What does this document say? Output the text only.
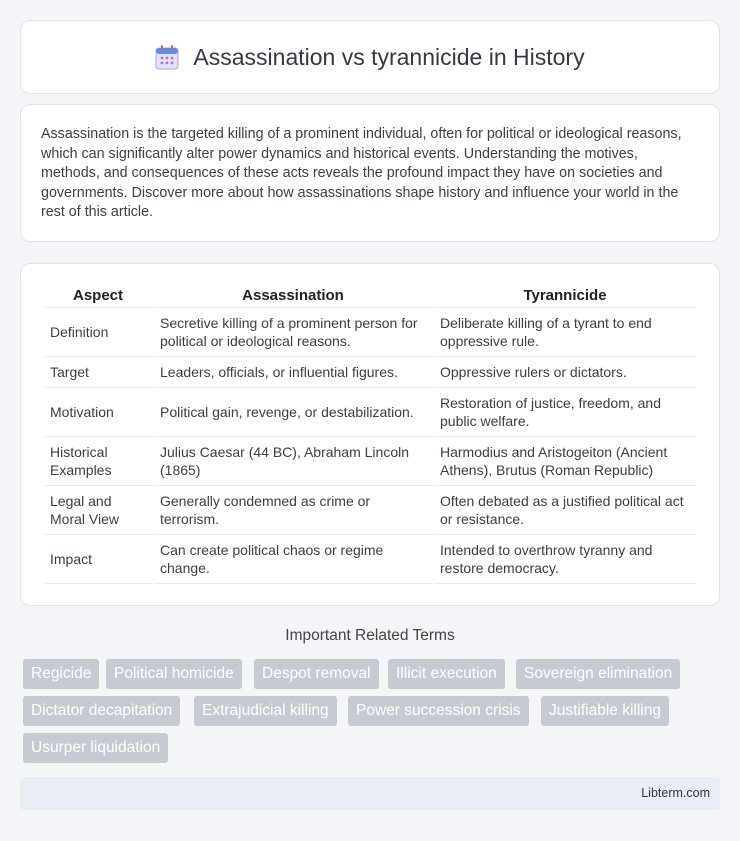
Assassination vs tyrannicide in History

Assassination is the targeted killing of a prominent individual, often for political or ideological reasons, which can significantly alter power dynamics and historical events. Understanding the motives, methods, and consequences of these acts reveals the profound impact they have on societies and governments. Discover more about how assassinations shape history and influence your world in the rest of this article.

Aspect	Assassination	Tyrannicide
Definition	Secretive killing of a prominent person for political or ideological reasons.	Deliberate killing of a tyrant to end oppressive rule.
Target	Leaders, officials, or influential figures.	Oppressive rulers or dictators.
Motivation	Political gain, revenge, or destabilization.	Restoration of justice, freedom, and public welfare.
Historical Examples	Julius Caesar (44 BC), Abraham Lincoln (1865)	Harmodius and Aristogeiton (Ancient Athens), Brutus (Roman Republic)
Legal and Moral View	Generally condemned as crime or terrorism.	Often debated as a justified political act or resistance.
Impact	Can create political chaos or regime change.	Intended to overthrow tyranny and restore democracy.
Important Related Terms
Regicide	Political homicide	Despot removal	Illicit execution	Sovereign elimination
Dictator decapitation	Extrajudicial killing	Power succession crisis	Justifiable killing
Usurper liquidation
Libterm.com
